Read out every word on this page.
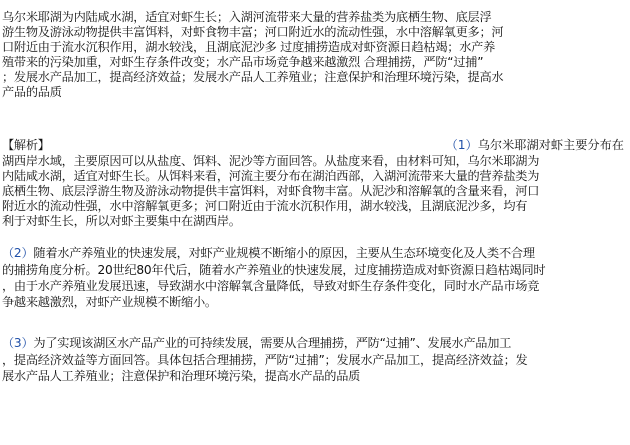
乌尔米耶湖为内陆咸水湖，适宜对虾生长；入湖河流带来大量的营养盐类为底栖生物、底层浮
游生物及游泳动物提供丰富饵料，对虾食物丰富；河口附近水的流动性强，水中溶解氧更多；河
口附近由于流水沉积作用，湖水较浅，且湖底泥沙多 过度捕捞造成对虾资源日趋枯竭；水产养
殖带来的污染加重，对虾生存条件改变；水产品市场竞争越来越激烈 合理捕捞，严防“过捕”
；发展水产品加工，提高经济效益；发展水产品人工养殖业；注意保护和治理环境污染，提高水
产品的品质
【解析】	（1）乌尔米耶湖对虾主要分布在
湖西岸水域，主要原因可以从盐度、饵料、泥沙等方面回答。从盐度来看，由材料可知，乌尔米耶湖为
内陆咸水湖，适宜对虾生长。从饵料来看，河流主要分布在湖泊西部，入湖河流带来大量的营养盐类为
底栖生物、底层浮游生物及游泳动物提供丰富饵料，对虾食物丰富。从泥沙和溶解氧的含量来看，河口
附近水的流动性强，水中溶解氧更多；河口附近由于流水沉积作用，湖水较浅，且湖底泥沙多，均有
利于对虾生长，所以对虾主要集中在湖西岸。
（2）随着水产养殖业的快速发展，对虾产业规模不断缩小的原因，主要从生态环境变化及人类不合理
的捕捞角度分析。20世纪80年代后，随着水产养殖业的快速发展，过度捕捞造成对虾资源日趋枯竭同时
，由于水产养殖业发展迅速，导致湖水中溶解氧含量降低，导致对虾生存条件变化，同时水产品市场竞
争越来越激烈，对虾产业规模不断缩小。
（3）为了实现该湖区水产品产业的可持续发展，需要从合理捕捞，严防“过捕”、发展水产品加工
，提高经济效益等方面回答。具体包括合理捕捞，严防“过捕”；发展水产品加工，提高经济效益；发
展水产品人工养殖业；注意保护和治理环境污染，提高水产品的品质
